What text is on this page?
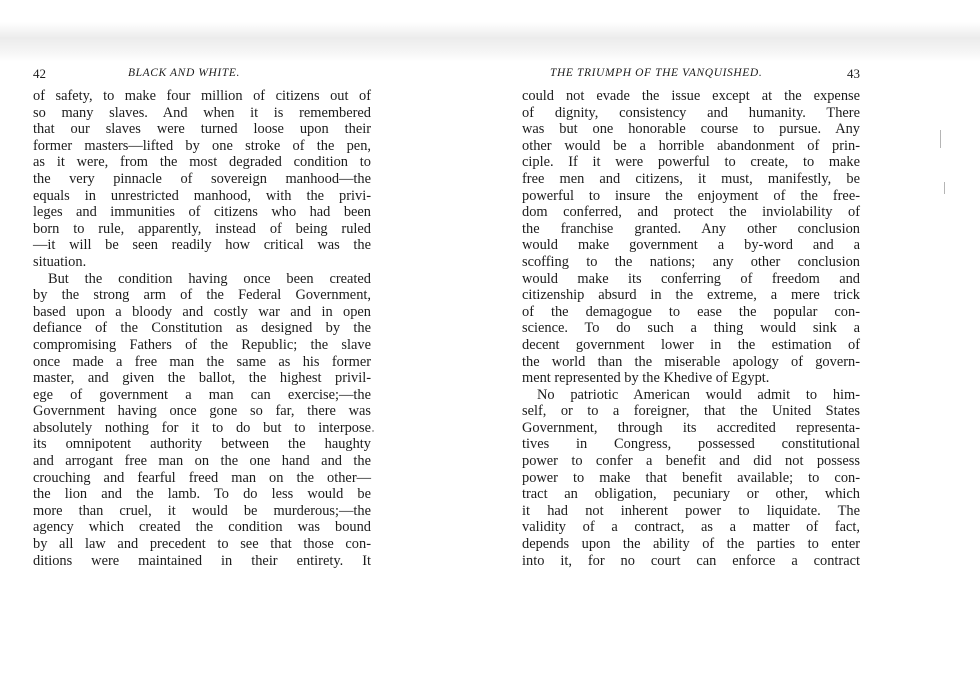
42	BLACK AND WHITE.
of safety, to make four million of citizens out of
so many slaves. And when it is remembered
that our slaves were turned loose upon their
former masters—lifted by one stroke of the pen,
as it were, from the most degraded condition to
the very pinnacle of sovereign manhood—the
equals in unrestricted manhood, with the privi-
leges and immunities of citizens who had been
born to rule, apparently, instead of being ruled
—it will be seen readily how critical was the
situation.
But the condition having once been created
by the strong arm of the Federal Government,
based upon a bloody and costly war and in open
defiance of the Constitution as designed by the
compromising Fathers of the Republic; the slave
once made a free man the same as his former
master, and given the ballot, the highest privil-
ege of government a man can exercise;—the
Government having once gone so far, there was
absolutely nothing for it to do but to interpose
its omnipotent authority between the haughty
and arrogant free man on the one hand and the
crouching and fearful freed man on the other—
the lion and the lamb. To do less would be
more than cruel, it would be murderous;—the
agency which created the condition was bound
by all law and precedent to see that those con-
ditions were maintained in their entirety. It
THE TRIUMPH OF THE VANQUISHED.	43
could not evade the issue except at the expense
of dignity, consistency and humanity. There
was but one honorable course to pursue. Any
other would be a horrible abandonment of prin-
ciple. If it were powerful to create, to make
free men and citizens, it must, manifestly, be
powerful to insure the enjoyment of the free-
dom conferred, and protect the inviolability of
the franchise granted. Any other conclusion
would make government a by-word and a
scoffing to the nations; any other conclusion
would make its conferring of freedom and
citizenship absurd in the extreme, a mere trick
of the demagogue to ease the popular con-
science. To do such a thing would sink a
decent government lower in the estimation of
the world than the miserable apology of govern-
ment represented by the Khedive of Egypt.
No patriotic American would admit to him-
self, or to a foreigner, that the United States
Government, through its accredited representa-
tives in Congress, possessed constitutional
power to confer a benefit and did not possess
power to make that benefit available; to con-
tract an obligation, pecuniary or other, which
it had not inherent power to liquidate. The
validity of a contract, as a matter of fact,
depends upon the ability of the parties to enter
into it, for no court can enforce a contract
